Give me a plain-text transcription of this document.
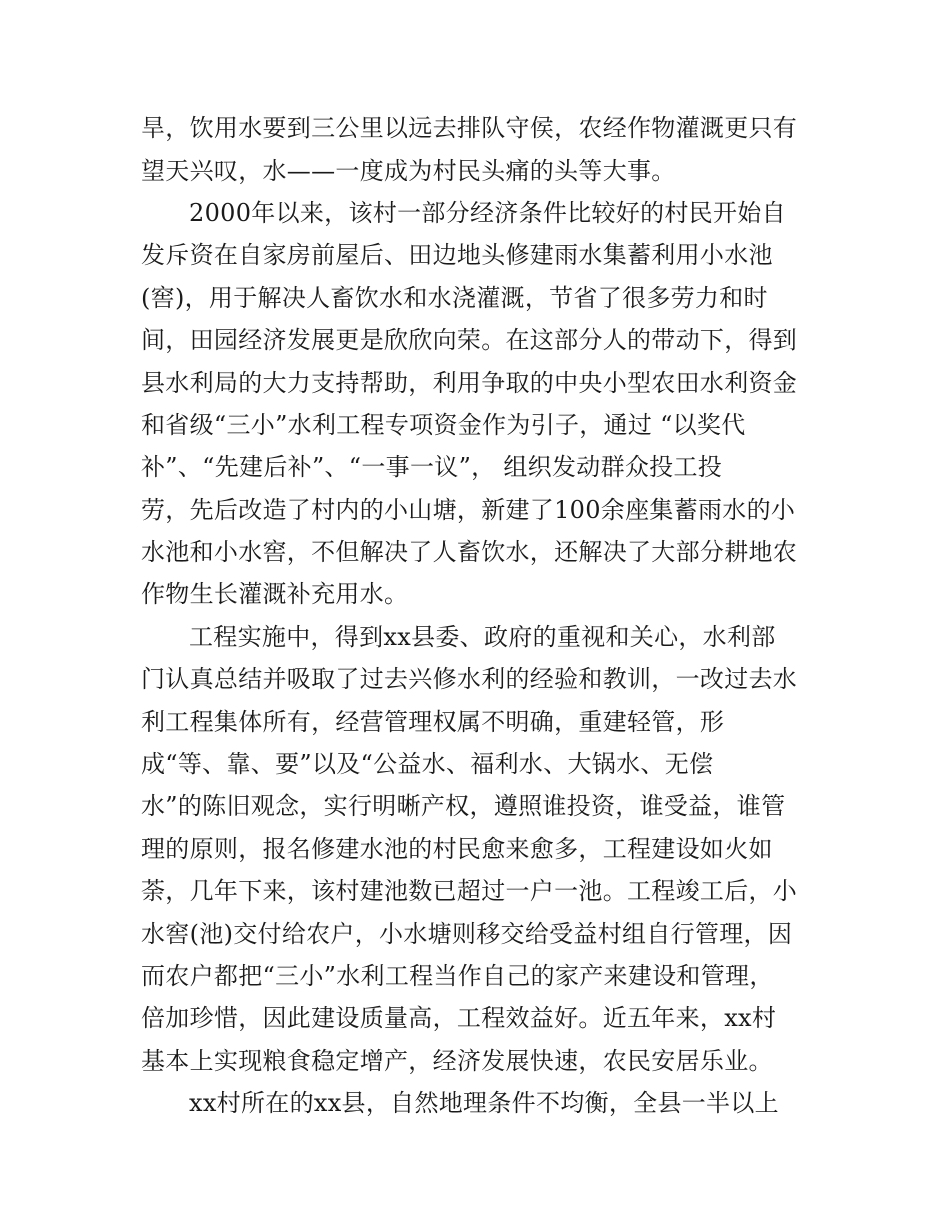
旱，饮用水要到三公里以远去排队守侯，农经作物灌溉更只有
望天兴叹，水——一度成为村民头痛的头等大事。
2000年以来，该村一部分经济条件比较好的村民开始自
发斥资在自家房前屋后、田边地头修建雨水集蓄利用小水池
(窖)，用于解决人畜饮水和水浇灌溉，节省了很多劳力和时
间，田园经济发展更是欣欣向荣。在这部分人的带动下，得到
县水利局的大力支持帮助，利用争取的中央小型农田水利资金
和省级“三小”水利工程专项资金作为引子，通过 “以奖代
补”、“先建后补”、“一事一议”， 组织发动群众投工投
劳，先后改造了村内的小山塘，新建了100余座集蓄雨水的小
水池和小水窖，不但解决了人畜饮水，还解决了大部分耕地农
作物生长灌溉补充用水。
工程实施中，得到xx县委、政府的重视和关心，水利部
门认真总结并吸取了过去兴修水利的经验和教训，一改过去水
利工程集体所有，经营管理权属不明确，重建轻管，形
成“等、靠、要”以及“公益水、福利水、大锅水、无偿
水”的陈旧观念，实行明晰产权，遵照谁投资，谁受益，谁管
理的原则，报名修建水池的村民愈来愈多，工程建设如火如
荼，几年下来，该村建池数已超过一户一池。工程竣工后，小
水窖(池)交付给农户，小水塘则移交给受益村组自行管理，因
而农户都把“三小”水利工程当作自己的家产来建设和管理，
倍加珍惜，因此建设质量高，工程效益好。近五年来，xx村
基本上实现粮食稳定增产，经济发展快速，农民安居乐业。
xx村所在的xx县，自然地理条件不均衡，全县一半以上
